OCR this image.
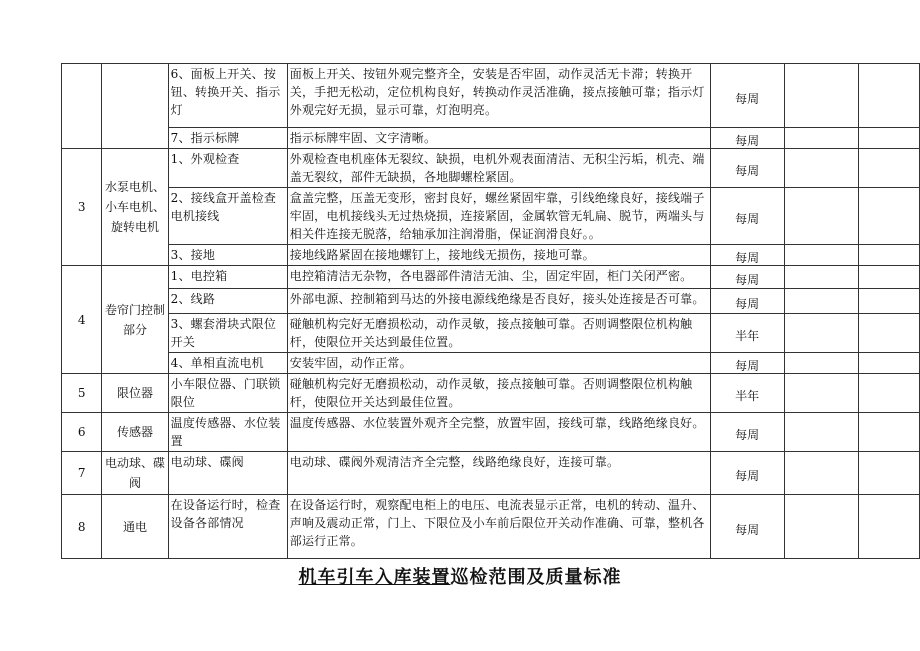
		6、面板上开关、按钮、转换开关、指示灯	面板上开关、按钮外观完整齐全，安装是否牢固，动作灵活无卡滞；转换开关，手把无松动，定位机构良好，转换动作灵活准确，接点接触可靠；指示灯外观完好无损，显示可靠，灯泡明亮。	每周		
		7、指示标牌	指示标牌牢固、文字清晰。	每周		
3	水泵电机、小车电机、旋转电机	1、外观检查	外观检查电机座体无裂纹、缺损，电机外观表面清洁、无积尘污垢，机壳、端盖无裂纹，部件无缺损，各地脚螺栓紧固。	每周		
		2、接线盒开盖检查电机接线	盒盖完整，压盖无变形，密封良好，螺丝紧固牢靠，引线绝缘良好，接线端子牢固，电机接线头无过热烧损，连接紧固，金属软管无轧扁、脱节，两端头与相关件连接无脱落，给轴承加注润滑脂，保证润滑良好。。	每周		
		3、接地	接地线路紧固在接地螺钉上，接地线无损伤，接地可靠。	每周		
4	卷帘门控制部分	1、电控箱	电控箱清洁无杂物，各电器部件清洁无油、尘，固定牢固，柜门关闭严密。	每周		
		2、线路	外部电源、控制箱到马达的外接电源线绝缘是否良好，接头处连接是否可靠。	每周		
		3、螺套滑块式限位开关	碰触机构完好无磨损松动，动作灵敏，接点接触可靠。否则调整限位机构触杆，使限位开关达到最佳位置。	半年		
		4、单相直流电机	安装牢固，动作正常。	每周		
5	限位器	小车限位器、门联锁限位	碰触机构完好无磨损松动，动作灵敏，接点接触可靠。否则调整限位机构触杆，使限位开关达到最佳位置。	半年		
6	传感器	温度传感器、水位装置	温度传感器、水位装置外观齐全完整，放置牢固，接线可靠，线路绝缘良好。	每周		
7	电动球、碟阀	电动球、碟阀	电动球、碟阀外观清洁齐全完整，线路绝缘良好，连接可靠。	每周		
8	通电	在设备运行时，检查设备各部情况	在设备运行时，观察配电柜上的电压、电流表显示正常，电机的转动、温升、声响及震动正常，门上、下限位及小车前后限位开关动作准确、可靠，整机各部运行正常。	每周		
机车引车入库装置巡检范围及质量标准
